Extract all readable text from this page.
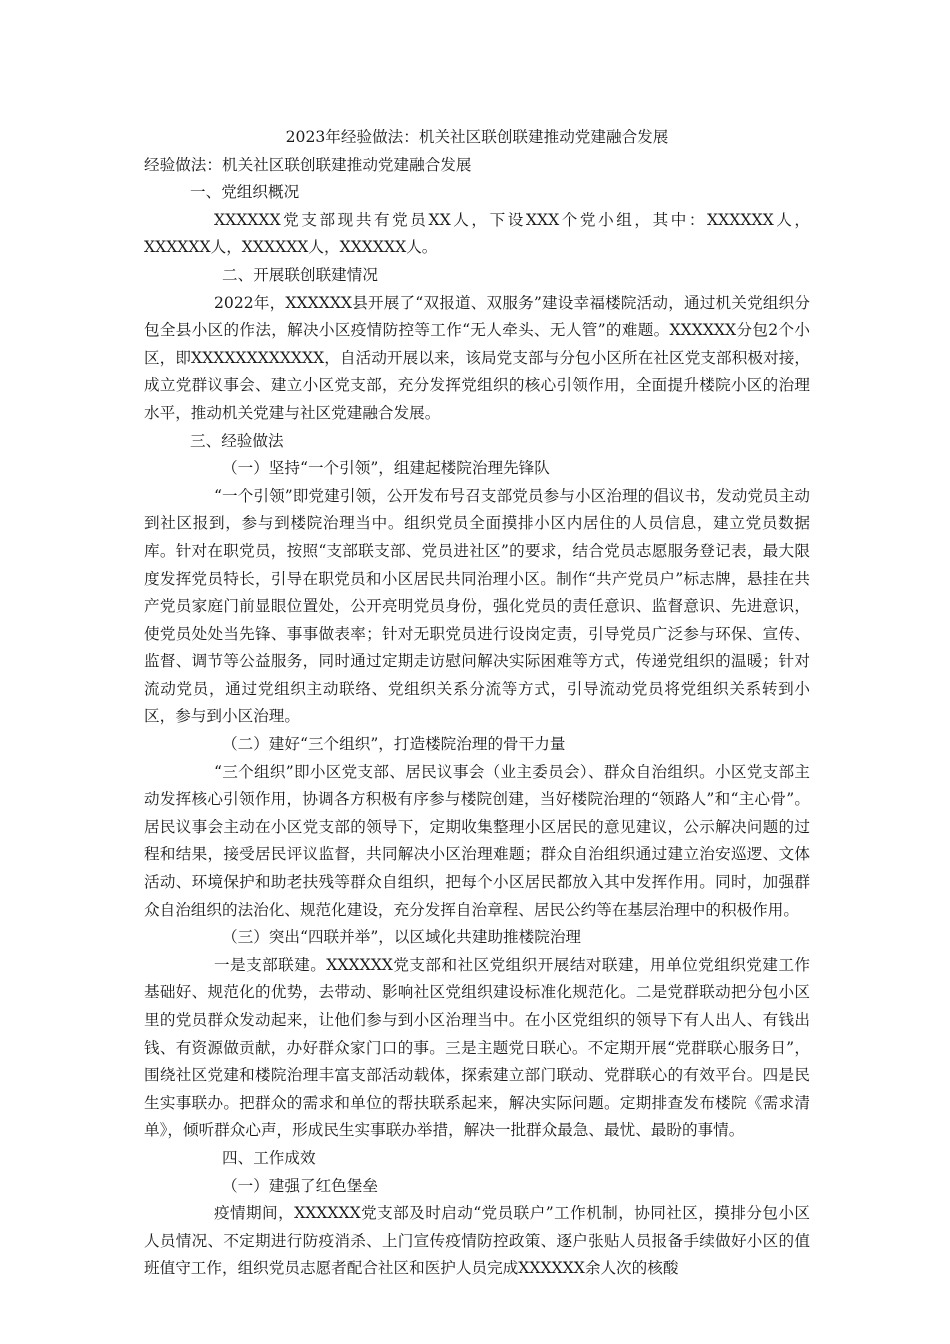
2023年经验做法：机关社区联创联建推动党建融合发展

经验做法：机关社区联创联建推动党建融合发展

一、党组织概况

XXXXXX党支部现共有党员XX人，下设XXX个党小组，其中：XXXXXX人，XXXXXX人，XXXXXX人，XXXXXX人。

二、开展联创联建情况

2022年，XXXXXX县开展了“双报道、双服务”建设幸福楼院活动，通过机关党组织分包全县小区的作法，解决小区疫情防控等工作“无人牵头、无人管”的难题。XXXXXX分包2个小区，即XXXXXXXXXXXX，自活动开展以来，该局党支部与分包小区所在社区党支部积极对接，成立党群议事会、建立小区党支部，充分发挥党组织的核心引领作用，全面提升楼院小区的治理水平，推动机关党建与社区党建融合发展。

三、经验做法

（一）坚持“一个引领”，组建起楼院治理先锋队

“一个引领”即党建引领，公开发布号召支部党员参与小区治理的倡议书，发动党员主动到社区报到，参与到楼院治理当中。组织党员全面摸排小区内居住的人员信息，建立党员数据库。针对在职党员，按照“支部联支部、党员进社区”的要求，结合党员志愿服务登记表，最大限度发挥党员特长，引导在职党员和小区居民共同治理小区。制作“共产党员户”标志牌，悬挂在共产党员家庭门前显眼位置处，公开亮明党员身份，强化党员的责任意识、监督意识、先进意识，使党员处处当先锋、事事做表率；针对无职党员进行设岗定责，引导党员广泛参与环保、宣传、监督、调节等公益服务，同时通过定期走访慰问解决实际困难等方式，传递党组织的温暖；针对流动党员，通过党组织主动联络、党组织关系分流等方式，引导流动党员将党组织关系转到小区，参与到小区治理。

（二）建好“三个组织”，打造楼院治理的骨干力量

“三个组织”即小区党支部、居民议事会（业主委员会）、群众自治组织。小区党支部主动发挥核心引领作用，协调各方积极有序参与楼院创建，当好楼院治理的“领路人”和“主心骨”。居民议事会主动在小区党支部的领导下，定期收集整理小区居民的意见建议，公示解决问题的过程和结果，接受居民评议监督，共同解决小区治理难题；群众自治组织通过建立治安巡逻、文体活动、环境保护和助老扶残等群众自组织，把每个小区居民都放入其中发挥作用。同时，加强群众自治组织的法治化、规范化建设，充分发挥自治章程、居民公约等在基层治理中的积极作用。

（三）突出“四联并举”，以区域化共建助推楼院治理

一是支部联建。XXXXXX党支部和社区党组织开展结对联建，用单位党组织党建工作基础好、规范化的优势，去带动、影响社区党组织建设标准化规范化。二是党群联动把分包小区里的党员群众发动起来，让他们参与到小区治理当中。在小区党组织的领导下有人出人、有钱出钱、有资源做贡献，办好群众家门口的事。三是主题党日联心。不定期开展“党群联心服务日”，围绕社区党建和楼院治理丰富支部活动载体，探索建立部门联动、党群联心的有效平台。四是民生实事联办。把群众的需求和单位的帮扶联系起来，解决实际问题。定期排查发布楼院《需求清单》，倾听群众心声，形成民生实事联办举措，解决一批群众最急、最忧、最盼的事情。

四、工作成效

（一）建强了红色堡垒

疫情期间，XXXXXX党支部及时启动“党员联户”工作机制，协同社区，摸排分包小区人员情况、不定期进行防疫消杀、上门宣传疫情防控政策、逐户张贴人员报备手续做好小区的值班值守工作，组织党员志愿者配合社区和医护人员完成XXXXXX余人次的核酸
